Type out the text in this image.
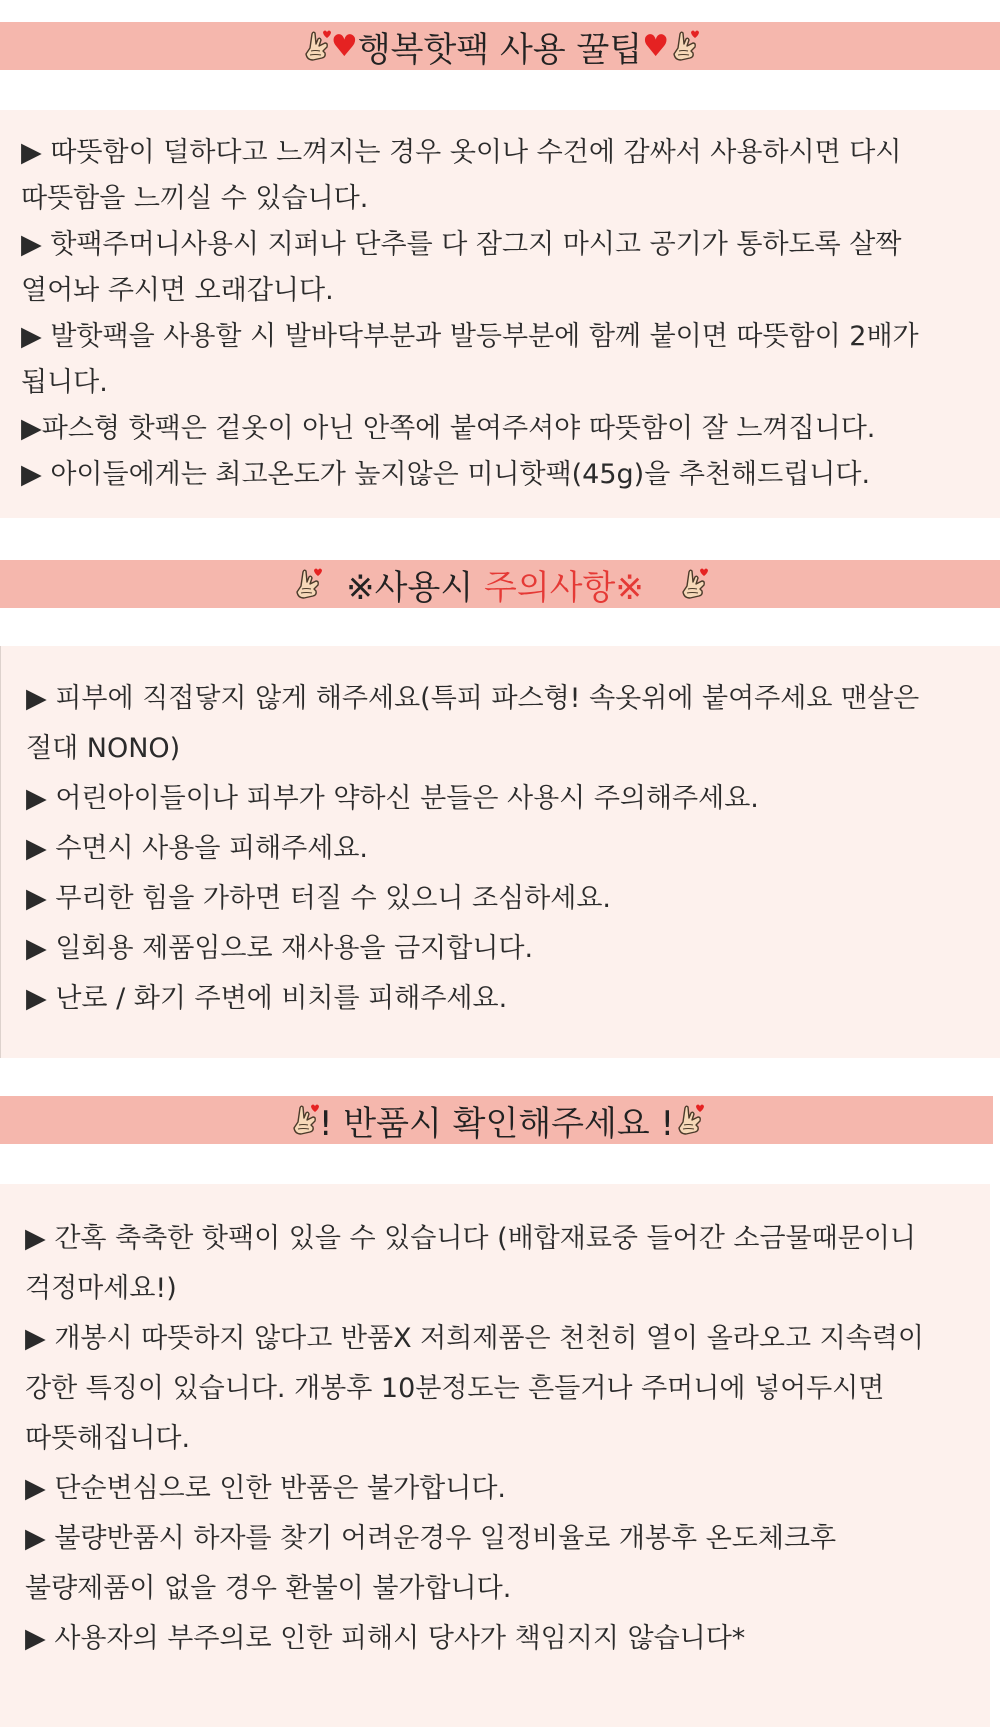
♥ 행복핫팩 사용 꿀팁 ♥

▶ 따뜻함이 덜하다고 느껴지는 경우 옷이나 수건에 감싸서 사용하시면 다시

따뜻함을 느끼실 수 있습니다.

▶ 핫팩주머니사용시 지퍼나 단추를 다 잠그지 마시고 공기가 통하도록 살짝

열어놔 주시면 오래갑니다.

▶ 발핫팩을 사용할 시 발바닥부분과 발등부분에 함께 붙이면 따뜻함이 2배가

됩니다.

▶파스형 핫팩은 겉옷이 아닌 안쪽에 붙여주셔야 따뜻함이 잘 느껴집니다.

▶ 아이들에게는 최고온도가 높지않은 미니핫팩(45g)을 추천해드립니다.

※사용시 주의사항※

▶ 피부에 직접닿지 않게 해주세요(특피 파스형! 속옷위에 붙여주세요 맨살은

절대 NONO)

▶ 어린아이들이나 피부가 약하신 분들은 사용시 주의해주세요.

▶ 수면시 사용을 피해주세요.

▶ 무리한 힘을 가하면 터질 수 있으니 조심하세요.

▶ 일회용 제품임으로 재사용을 금지합니다.

▶ 난로 / 화기 주변에 비치를 피해주세요.

! 반품시 확인해주세요 !

▶ 간혹 축축한 핫팩이 있을 수 있습니다 (배합재료중 들어간 소금물때문이니

걱정마세요!)

▶ 개봉시 따뜻하지 않다고 반품X 저희제품은 천천히 열이 올라오고 지속력이

강한 특징이 있습니다. 개봉후 10분정도는 흔들거나 주머니에 넣어두시면

따뜻해집니다.

▶ 단순변심으로 인한 반품은 불가합니다.

▶ 불량반품시 하자를 찾기 어려운경우 일정비율로 개봉후 온도체크후

불량제품이 없을 경우 환불이 불가합니다.

▶ 사용자의 부주의로 인한 피해시 당사가 책임지지 않습니다*
